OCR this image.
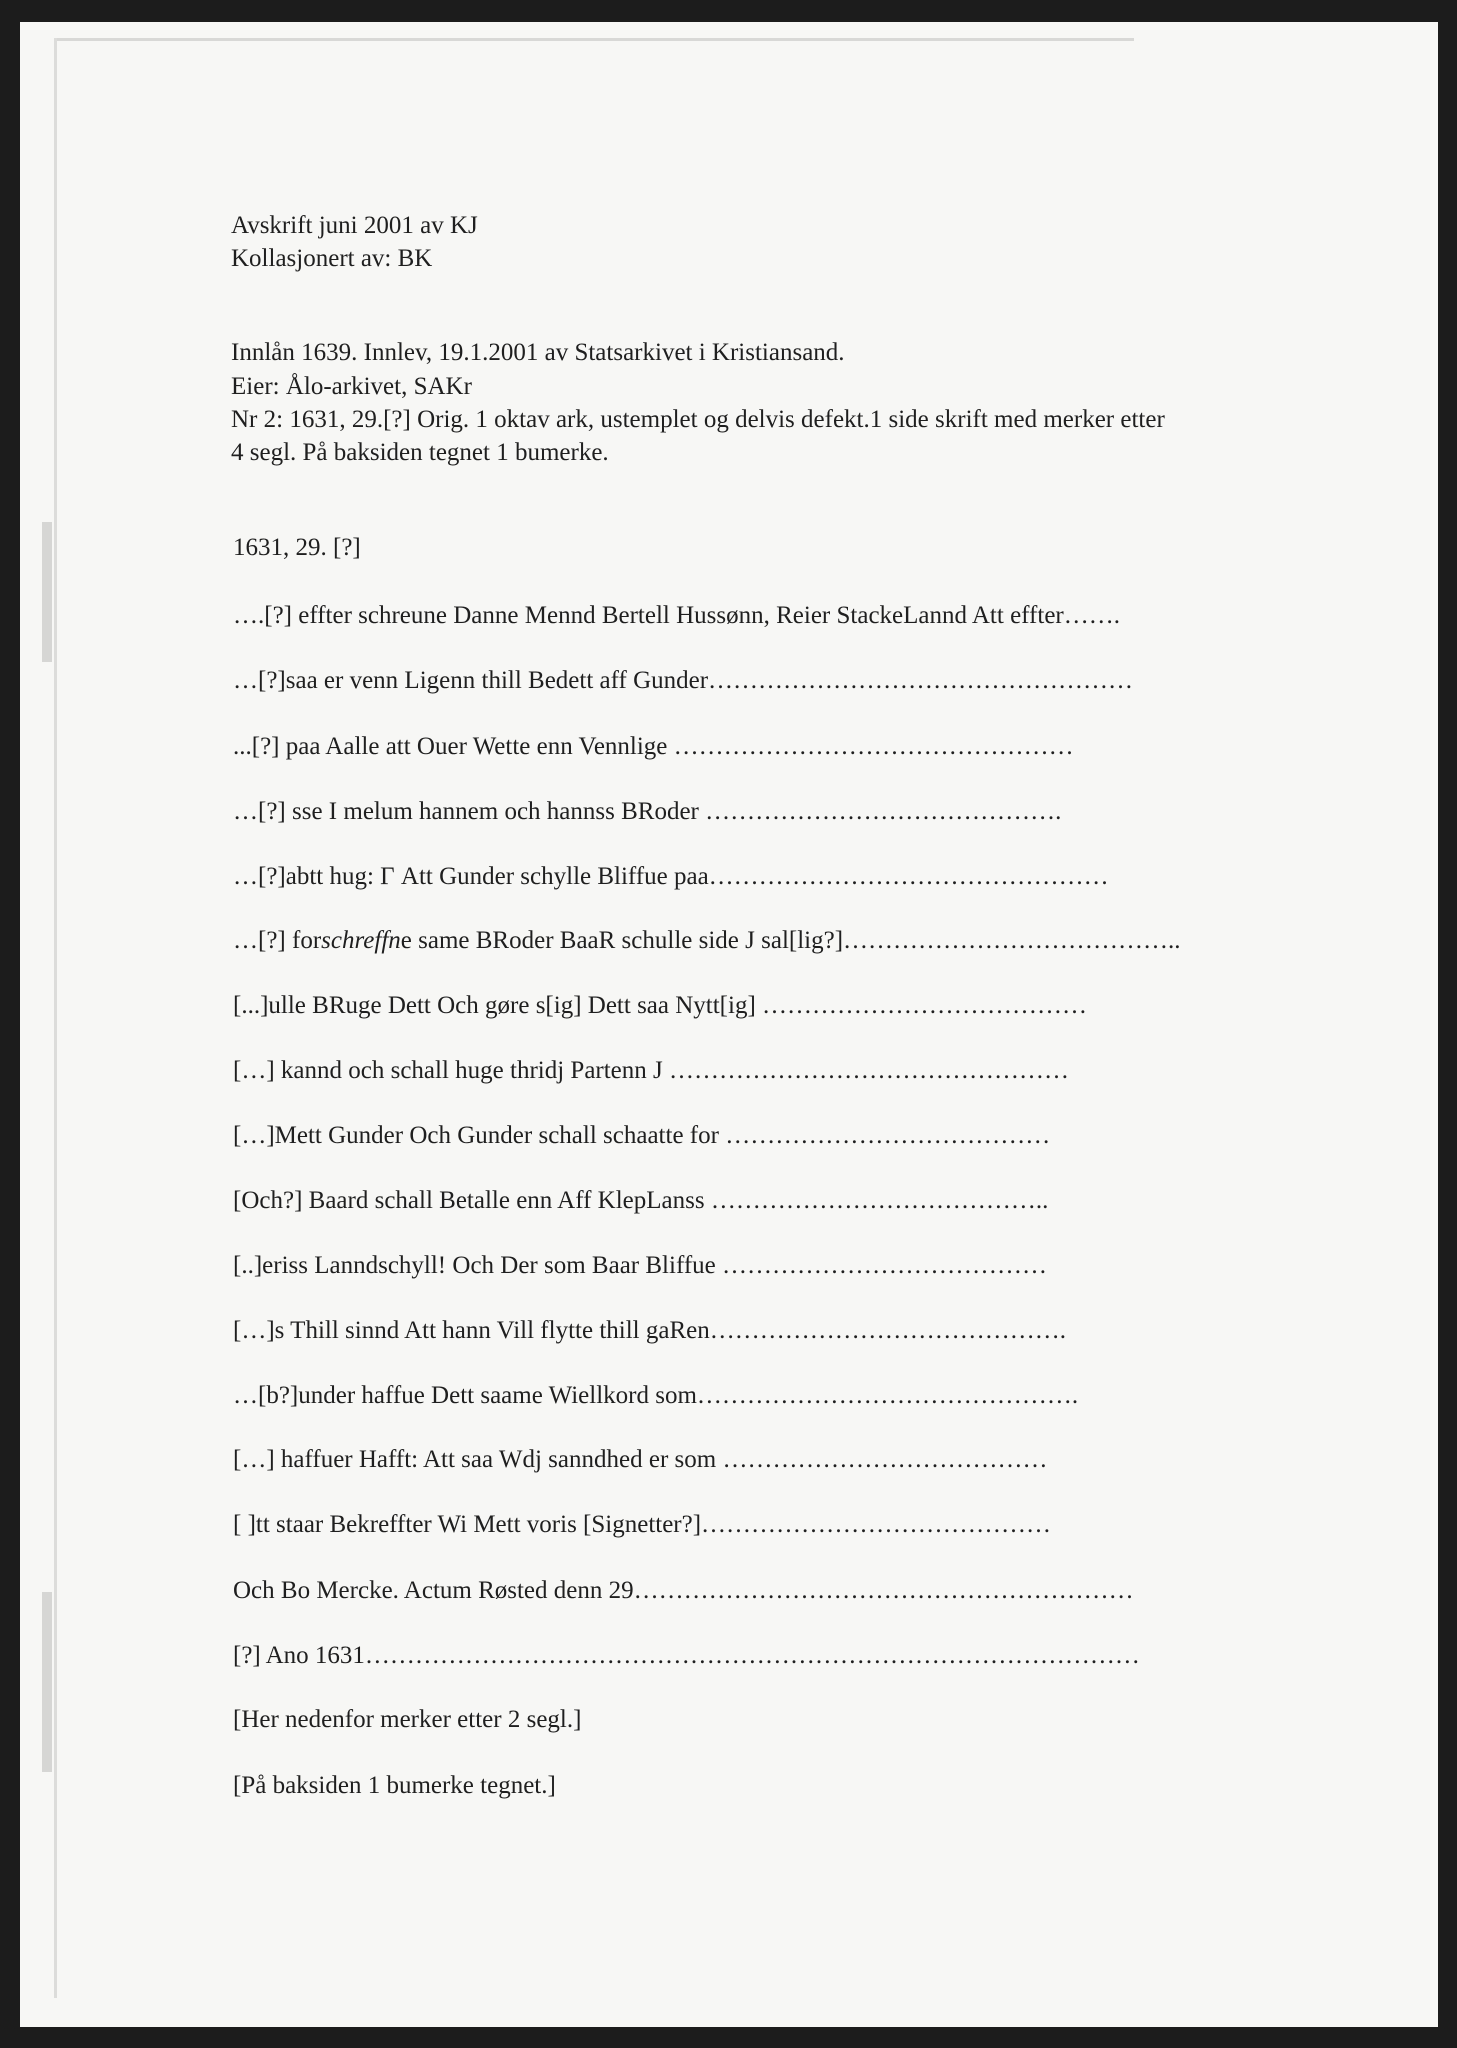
Avskrift juni 2001 av KJ
Kollasjonert av: BK
Innlån 1639. Innlev, 19.1.2001 av Statsarkivet i Kristiansand.
Eier: Ålo-arkivet, SAKr
Nr 2: 1631, 29.[?] Orig. 1 oktav ark, ustemplet og delvis defekt.1 side skrift med merker etter
4 segl. På baksiden tegnet 1 bumerke.
1631, 29. [?]
….[?] effter schreune Danne Mennd Bertell Hussønn, Reier StackeLannd Att effter…….
…[?]saa er venn Ligenn thill Bedett aff Gunder……………………………………………
...[?] paa Aalle att Ouer Wette enn Vennlige …………………………………………
…[?] sse I melum hannem och hannss BRoder …………………………………….
…[?]abtt hug: Γ Att Gunder schylle Bliffue paa…………………………………………
…[?] forschreffne same BRoder BaaR schulle side J sal[lig?]…………………………………..
[...]ulle BRuge Dett Och gøre s[ig] Dett saa Nytt[ig] …………………………………
[…] kannd och schall huge thridj Partenn J …………………………………………
[…]Mett Gunder Och Gunder schall schaatte for …………………………………
[Och?] Baard schall Betalle enn Aff KlepLanss …………………………………..
[..]eriss Lanndschyll! Och Der som Baar Bliffue …………………………………
[…]s Thill sinnd Att hann Vill flytte thill gaRen…………………………………….
…[b?]under haffue Dett saame Wiellkord som……………………………………….
[…] haffuer Hafft: Att saa Wdj sanndhed er som …………………………………
[ ]tt staar Bekreffter Wi Mett voris [Signetter?]……………………………………
Och Bo Mercke. Actum Røsted denn 29……………………………………………………
[?] Ano 1631…………………………………………………………………………………
[Her nedenfor merker etter 2 segl.]
[På baksiden 1 bumerke tegnet.]
